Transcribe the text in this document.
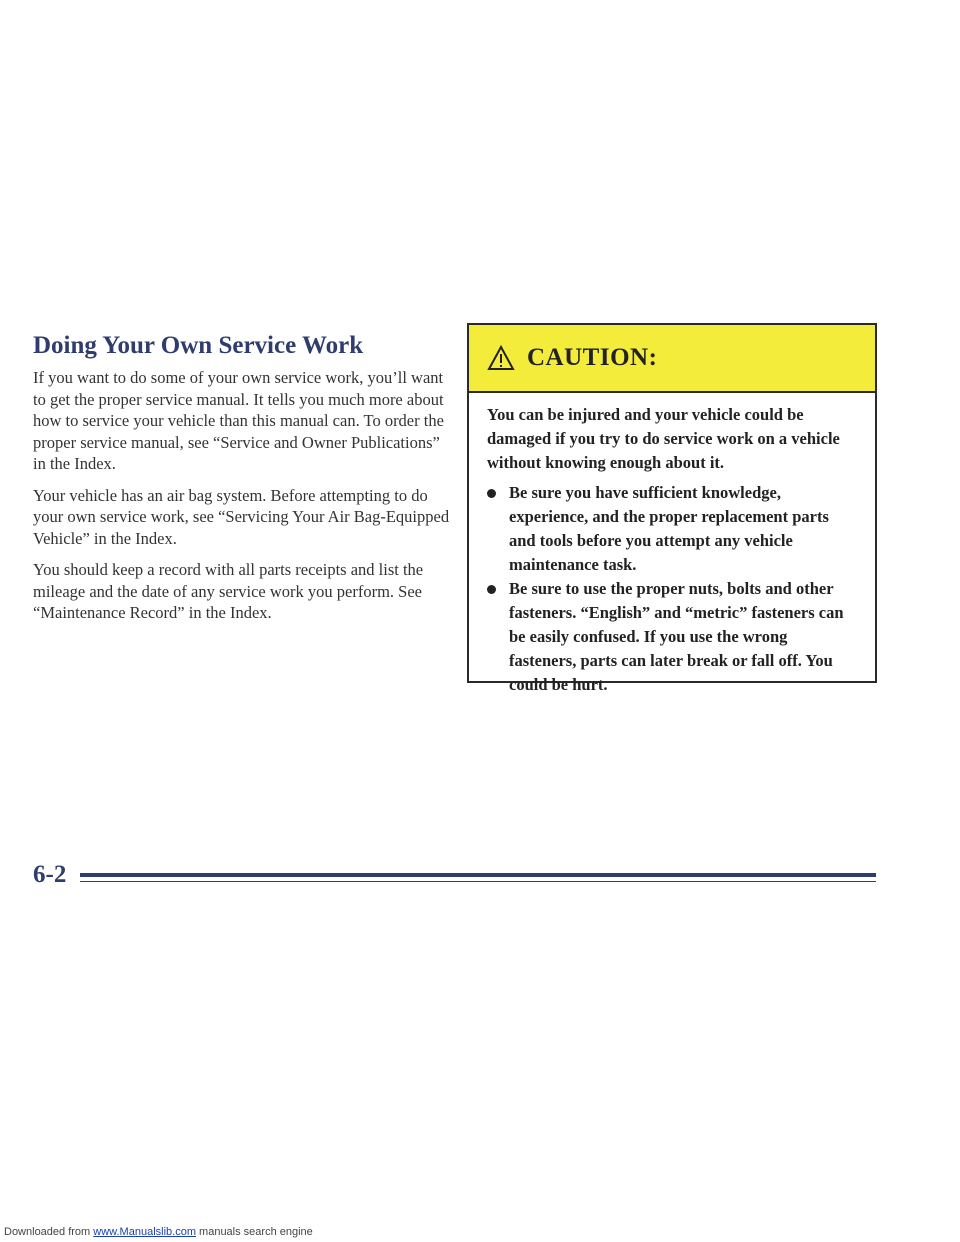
Doing Your Own Service Work

If you want to do some of your own service work, you’ll want to get the proper service manual. It tells you much more about how to service your vehicle than this manual can. To order the proper service manual, see “Service and Owner Publications” in the Index.

Your vehicle has an air bag system. Before attempting to do your own service work, see “Servicing Your Air Bag-Equipped Vehicle” in the Index.

You should keep a record with all parts receipts and list the mileage and the date of any service work you perform. See “Maintenance Record” in the Index.

CAUTION:

You can be injured and your vehicle could be damaged if you try to do service work on a vehicle without knowing enough about it.

Be sure you have sufficient knowledge, experience, and the proper replacement parts and tools before you attempt any vehicle maintenance task.
Be sure to use the proper nuts, bolts and other fasteners. “English” and “metric” fasteners can be easily confused. If you use the wrong fasteners, parts can later break or fall off. You could be hurt.
6-2
Downloaded from www.Manualslib.com manuals search engine
